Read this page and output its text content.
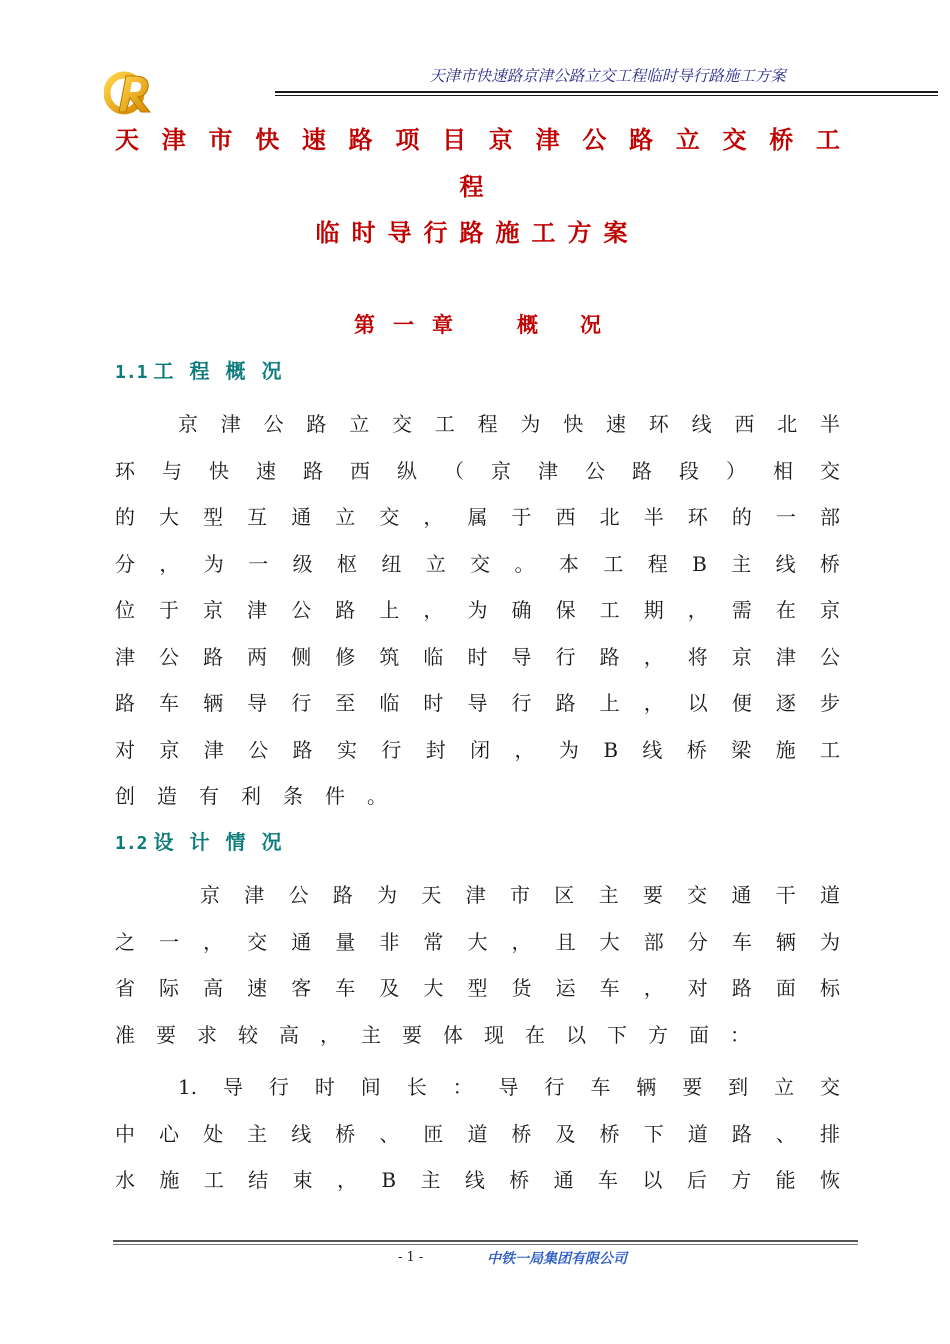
天津市快速路京津公路立交工程临时导行路施工方案
天津市快速路项目京津公路立交桥工
程
临时导行路施工方案
第一章 概　　况
1.1 工程概况
京津公路立交工程为快速环线西北半
环与快速路西纵（京津公路段）相交
的大型互通立交，属于西北半环的一部
分，为一级枢纽立交。本工程B主线桥
位于京津公路上，为确保工期，需在京
津公路两侧修筑临时导行路，将京津公
路车辆导行至临时导行路上，以便逐步
对京津公路实行封闭，为B线桥梁施工
创造有利条件。
1.2 设计情况
京津公路为天津市区主要交通干道
之一，交通量非常大，且大部分车辆为
省际高速客车及大型货运车，对路面标
准要求较高，主要体现在以下方面：
1.导行时间长：导行车辆要到立交
中心处主线桥、匝道桥及桥下道路、排
水施工结束，B主线桥通车以后方能恢
- 1 -	中铁一局集团有限公司
